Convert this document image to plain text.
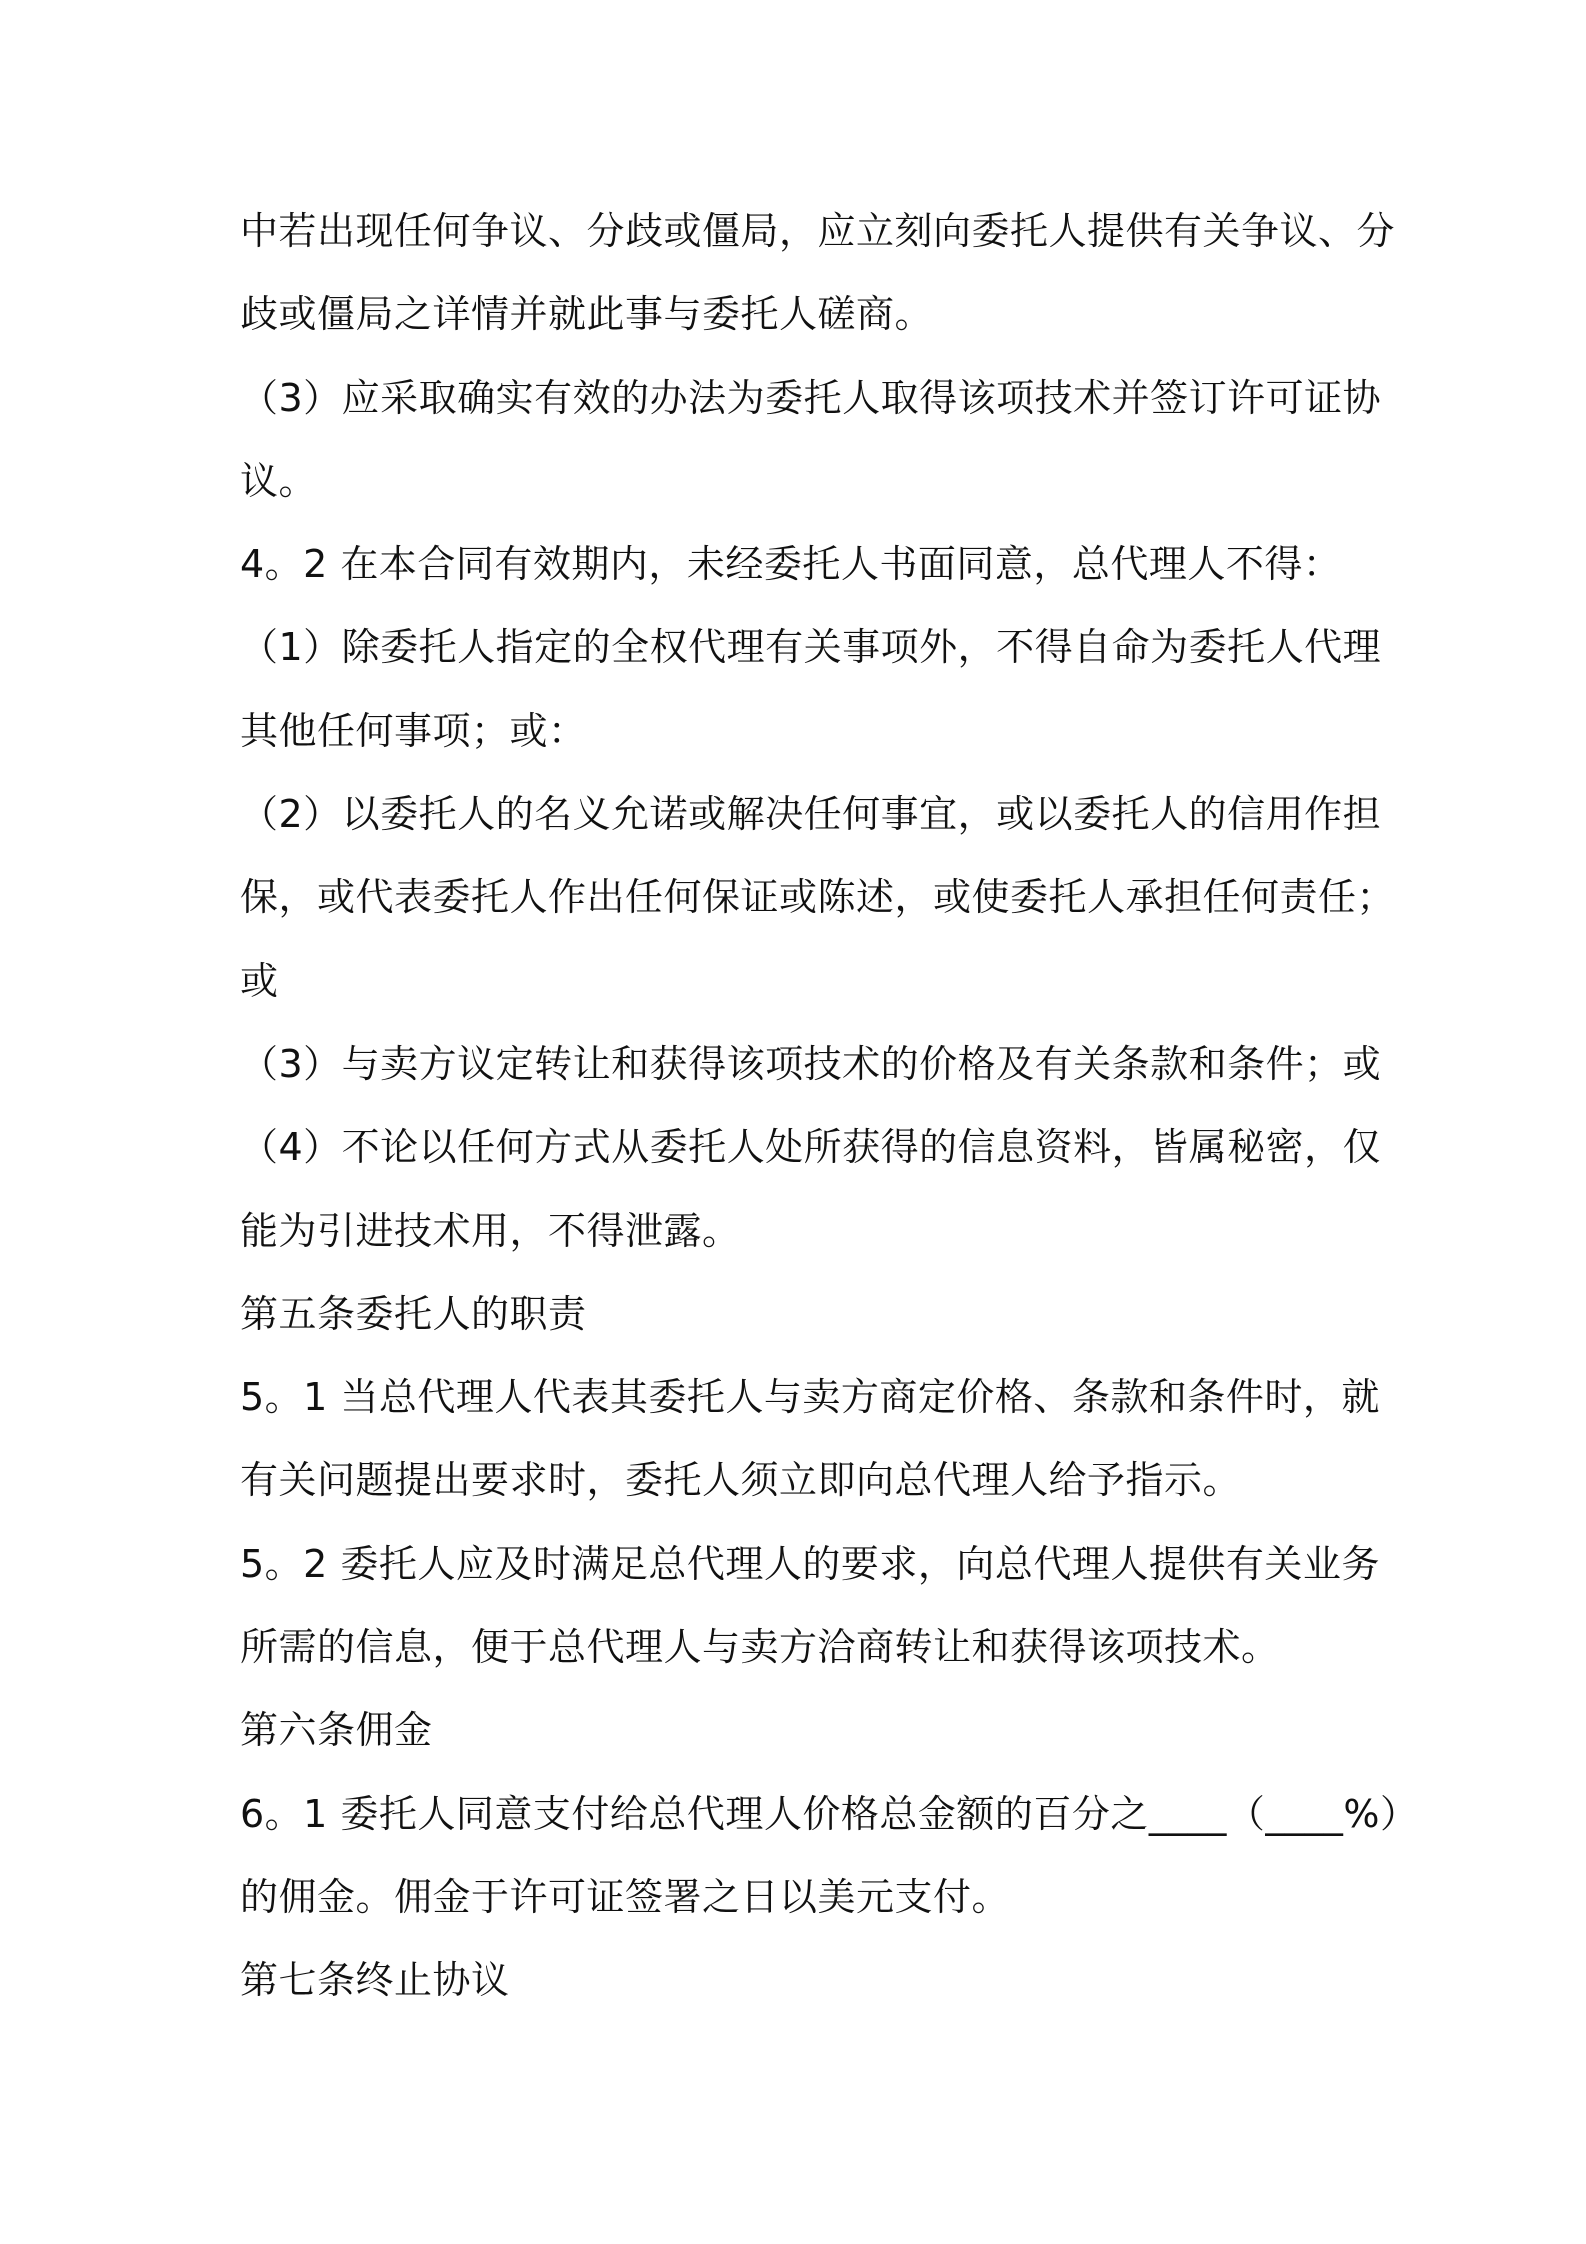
中若出现任何争议、分歧或僵局，应立刻向委托人提供有关争议、分
歧或僵局之详情并就此事与委托人磋商。
（3）应采取确实有效的办法为委托人取得该项技术并签订许可证协
议。
4。2 在本合同有效期内，未经委托人书面同意，总代理人不得：
（1）除委托人指定的全权代理有关事项外，不得自命为委托人代理
其他任何事项；或：
（2）以委托人的名义允诺或解决任何事宜，或以委托人的信用作担
保，或代表委托人作出任何保证或陈述，或使委托人承担任何责任；
或
（3）与卖方议定转让和获得该项技术的价格及有关条款和条件；或
（4）不论以任何方式从委托人处所获得的信息资料，皆属秘密，仅
能为引进技术用，不得泄露。
第五条委托人的职责
5。1 当总代理人代表其委托人与卖方商定价格、条款和条件时，就
有关问题提出要求时，委托人须立即向总代理人给予指示。
5。2 委托人应及时满足总代理人的要求，向总代理人提供有关业务
所需的信息，便于总代理人与卖方洽商转让和获得该项技术。
第六条佣金
6。1 委托人同意支付给总代理人价格总金额的百分之____（____%）
的佣金。佣金于许可证签署之日以美元支付。
第七条终止协议
